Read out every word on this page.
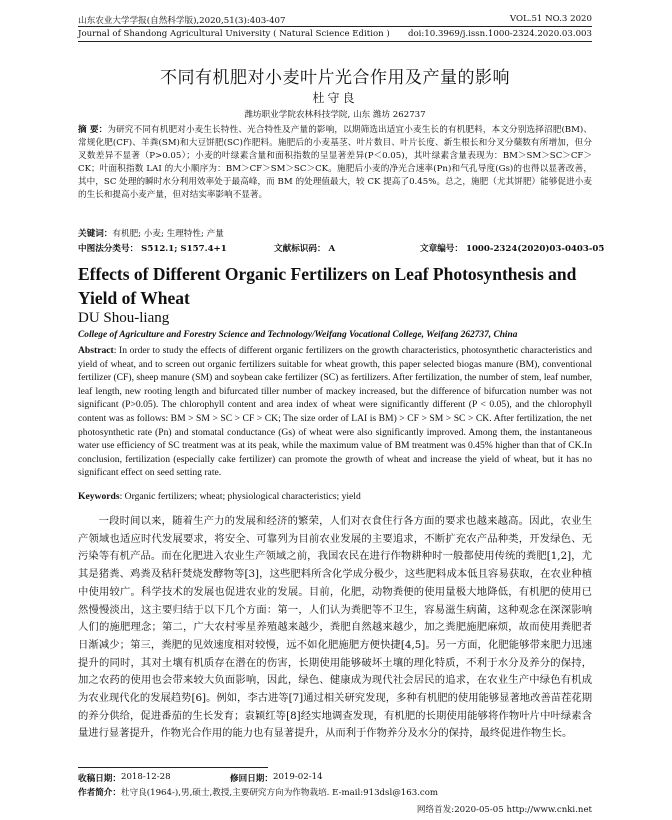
山东农业大学学报(自然科学版),2020,51(3):403-407	VOL.51 NO.3 2020
Journal of Shandong Agricultural University ( Natural Science Edition ) doi:10.3969/j.issn.1000-2324.2020.03.003
不同有机肥对小麦叶片光合作用及产量的影响
杜守良
潍坊职业学院农林科技学院, 山东 潍坊 262737
摘 要：为研究不同有机肥对小麦生长特性、光合特性及产量的影响，以期筛选出适宜小麦生长的有机肥料，本文分别选择沼肥(BM)、常规化肥(CF)、羊粪(SM)和大豆饼肥(SC)作肥料。施肥后的小麦基茎、叶片数目、叶片长度、新生根长和分叉分蘖数有所增加，但分叉数差异不显著（P>0.05）；小麦的叶绿素含量和面积指数的呈显著差异(P＜0.05)，其叶绿素含量表现为：BM＞SM＞SC＞CF＞CK；叶面积指数 LAI 的大小顺序为：BM＞CF＞SM＞SC＞CK。施肥后小麦的净光合速率(Pn)和气孔导度(Gs)的也得以显著改善，其中，SC 处理的瞬时水分利用效率处于最高峰，而 BM 的处理值最大，较 CK 提高了0.45%。总之，施肥（尤其饼肥）能够促进小麦的生长和提高小麦产量，但对结实率影响不显著。
关键词：有机肥; 小麦; 生理特性; 产量
中图法分类号： S512.1; S157.4+1	文献标识码： A	文章编号： 1000-2324(2020)03-0403-05
Effects of Different Organic Fertilizers on Leaf Photosynthesis and Yield of Wheat
DU Shou-liang
College of Agriculture and Forestry Science and Technology/Weifang Vocational College, Weifang 262737, China
Abstract: In order to study the effects of different organic fertilizers on the growth characteristics, photosynthetic characteristics and yield of wheat, and to screen out organic fertilizers suitable for wheat growth, this paper selected biogas manure (BM), conventional fertilizer (CF), sheep manure (SM) and soybean cake fertilizer (SC) as fertilizers. After fertilization, the number of stem, leaf number, leaf length, new rooting length and bifurcated tiller number of mackey increased, but the difference of bifurcation number was not significant (P>0.05). The chlorophyll content and area index of wheat were significantly different (P < 0.05), and the chlorophyll content was as follows: BM > SM > SC > CF > CK; The size order of LAI is BM) > CF > SM > SC > CK. After fertilization, the net photosynthetic rate (Pn) and stomatal conductance (Gs) of wheat were also significantly improved. Among them, the instantaneous water use efficiency of SC treatment was at its peak, while the maximum value of BM treatment was 0.45% higher than that of CK.In conclusion, fertilization (especially cake fertilizer) can promote the growth of wheat and increase the yield of wheat, but it has no significant effect on seed setting rate.
Keywords: Organic fertilizers; wheat; physiological characteristics; yield
一段时间以来，随着生产力的发展和经济的繁荣，人们对衣食住行各方面的要求也越来越高。因此，农业生产领域也适应时代发展要求，将安全、可靠列为目前农业发展的主要追求，不断扩充农产品种类，开发绿色、无污染等有机产品。而在化肥进入农业生产领域之前，我国农民在进行作物耕种时一般都使用传统的粪肥[1,2]，尤其是猪粪、鸡粪及秸秆焚烧发酵物等[3]，这些肥料所含化学成分极少，这些肥料成本低且容易获取，在农业种植中使用较广。科学技术的发展也促进农业的发展。目前，化肥，动物粪便的使用量极大地降低，有机肥的使用已然慢慢淡出，这主要归结于以下几个方面：第一，人们认为粪肥等不卫生，容易滋生病菌，这种观念在深深影响人们的施肥理念；第二，广大农村零星养殖越来越少，粪肥自然越来越少，加之粪肥施肥麻烦，故而使用粪肥者日渐减少；第三，粪肥的见效速度相对较慢，远不如化肥施肥方便快捷[4,5]。另一方面，化肥能够带来肥力迅速提升的同时，其对土壤有机质存在潜在的伤害，长期使用能够破坏土壤的理化特质，不利于水分及养分的保持，加之农药的使用也会带来较大负面影响，因此，绿色、健康成为现代社会居民的追求，在农业生产中绿色有机成为农业现代化的发展趋势[6]。例如，李古进等[7]通过相关研究发现，多种有机肥的使用能够显著地改善苗茬花期的养分供给，促进番茄的生长发育；袁颖红等[8]经实地调查发现，有机肥的长期使用能够将作物叶片中叶绿素含量进行显著提升，作物光合作用的能力也有显著提升，从而利于作物养分及水分的保持，最终促进作物生长。
收稿日期： 2018-12-28	修回日期： 2019-02-14
作者简介：杜守良(1964-),男,硕士,教授,主要研究方向为作物栽培. E-mail:913dsl@163.com
网络首发:2020-05-05 http://www.cnki.net
